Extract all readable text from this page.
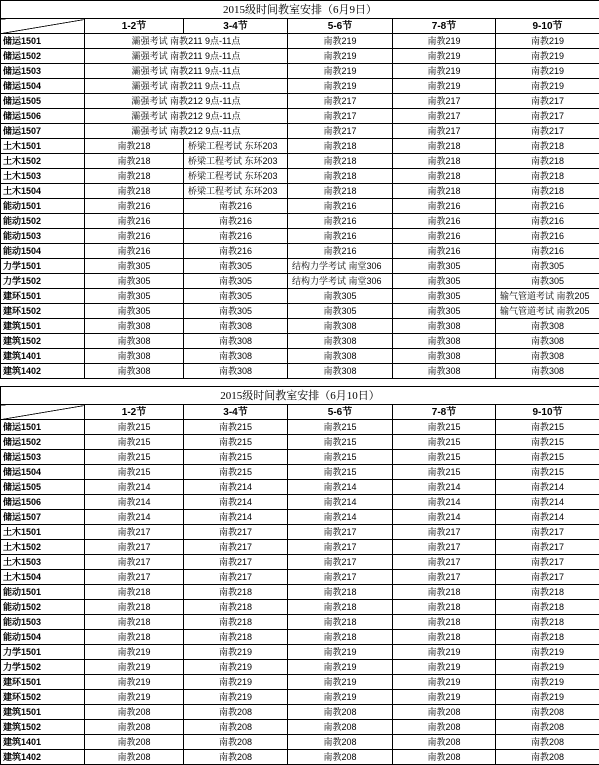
2015级时间教室安排（6月9日）					
	1-2节	3-4节	5-6节	7-8节	9-10节
储运1501	灞强考试 南教211 9点-11点		南教219	南教219	南教219
储运1502	灞强考试 南教211 9点-11点		南教219	南教219	南教219
储运1503	灞强考试 南教211 9点-11点		南教219	南教219	南教219
储运1504	灞强考试 南教211 9点-11点		南教219	南教219	南教219
储运1505	灞强考试 南教212 9点-11点		南教217	南教217	南教217
储运1506	灞强考试 南教212 9点-11点		南教217	南教217	南教217
储运1507	灞强考试 南教212 9点-11点		南教217	南教217	南教217
土木1501	南教218	桥梁工程考试 东环203	南教218	南教218	南教218
土木1502	南教218	桥梁工程考试 东环203	南教218	南教218	南教218
土木1503	南教218	桥梁工程考试 东环203	南教218	南教218	南教218
土木1504	南教218	桥梁工程考试 东环203	南教218	南教218	南教218
能动1501	南教216	南教216	南教216	南教216	南教216
能动1502	南教216	南教216	南教216	南教216	南教216
能动1503	南教216	南教216	南教216	南教216	南教216
能动1504	南教216	南教216	南教216	南教216	南教216
力学1501	南教305	南教305	结构力学考试 南堂306	南教305	南教305
力学1502	南教305	南教305	结构力学考试 南堂306	南教305	南教305
建环1501	南教305	南教305	南教305	南教305	输气管道考试 南教205
建环1502	南教305	南教305	南教305	南教305	输气管道考试 南教205
建筑1501	南教308	南教308	南教308	南教308	南教308
建筑1502	南教308	南教308	南教308	南教308	南教308
建筑1401	南教308	南教308	南教308	南教308	南教308
建筑1402	南教308	南教308	南教308	南教308	南教308
2015级时间教室安排（6月10日）					
	1-2节	3-4节	5-6节	7-8节	9-10节
储运1501	南教215	南教215	南教215	南教215	南教215
储运1502	南教215	南教215	南教215	南教215	南教215
储运1503	南教215	南教215	南教215	南教215	南教215
储运1504	南教215	南教215	南教215	南教215	南教215
储运1505	南教214	南教214	南教214	南教214	南教214
储运1506	南教214	南教214	南教214	南教214	南教214
储运1507	南教214	南教214	南教214	南教214	南教214
土木1501	南教217	南教217	南教217	南教217	南教217
土木1502	南教217	南教217	南教217	南教217	南教217
土木1503	南教217	南教217	南教217	南教217	南教217
土木1504	南教217	南教217	南教217	南教217	南教217
能动1501	南教218	南教218	南教218	南教218	南教218
能动1502	南教218	南教218	南教218	南教218	南教218
能动1503	南教218	南教218	南教218	南教218	南教218
能动1504	南教218	南教218	南教218	南教218	南教218
力学1501	南教219	南教219	南教219	南教219	南教219
力学1502	南教219	南教219	南教219	南教219	南教219
建环1501	南教219	南教219	南教219	南教219	南教219
建环1502	南教219	南教219	南教219	南教219	南教219
建筑1501	南教208	南教208	南教208	南教208	南教208
建筑1502	南教208	南教208	南教208	南教208	南教208
建筑1401	南教208	南教208	南教208	南教208	南教208
建筑1402	南教208	南教208	南教208	南教208	南教208
